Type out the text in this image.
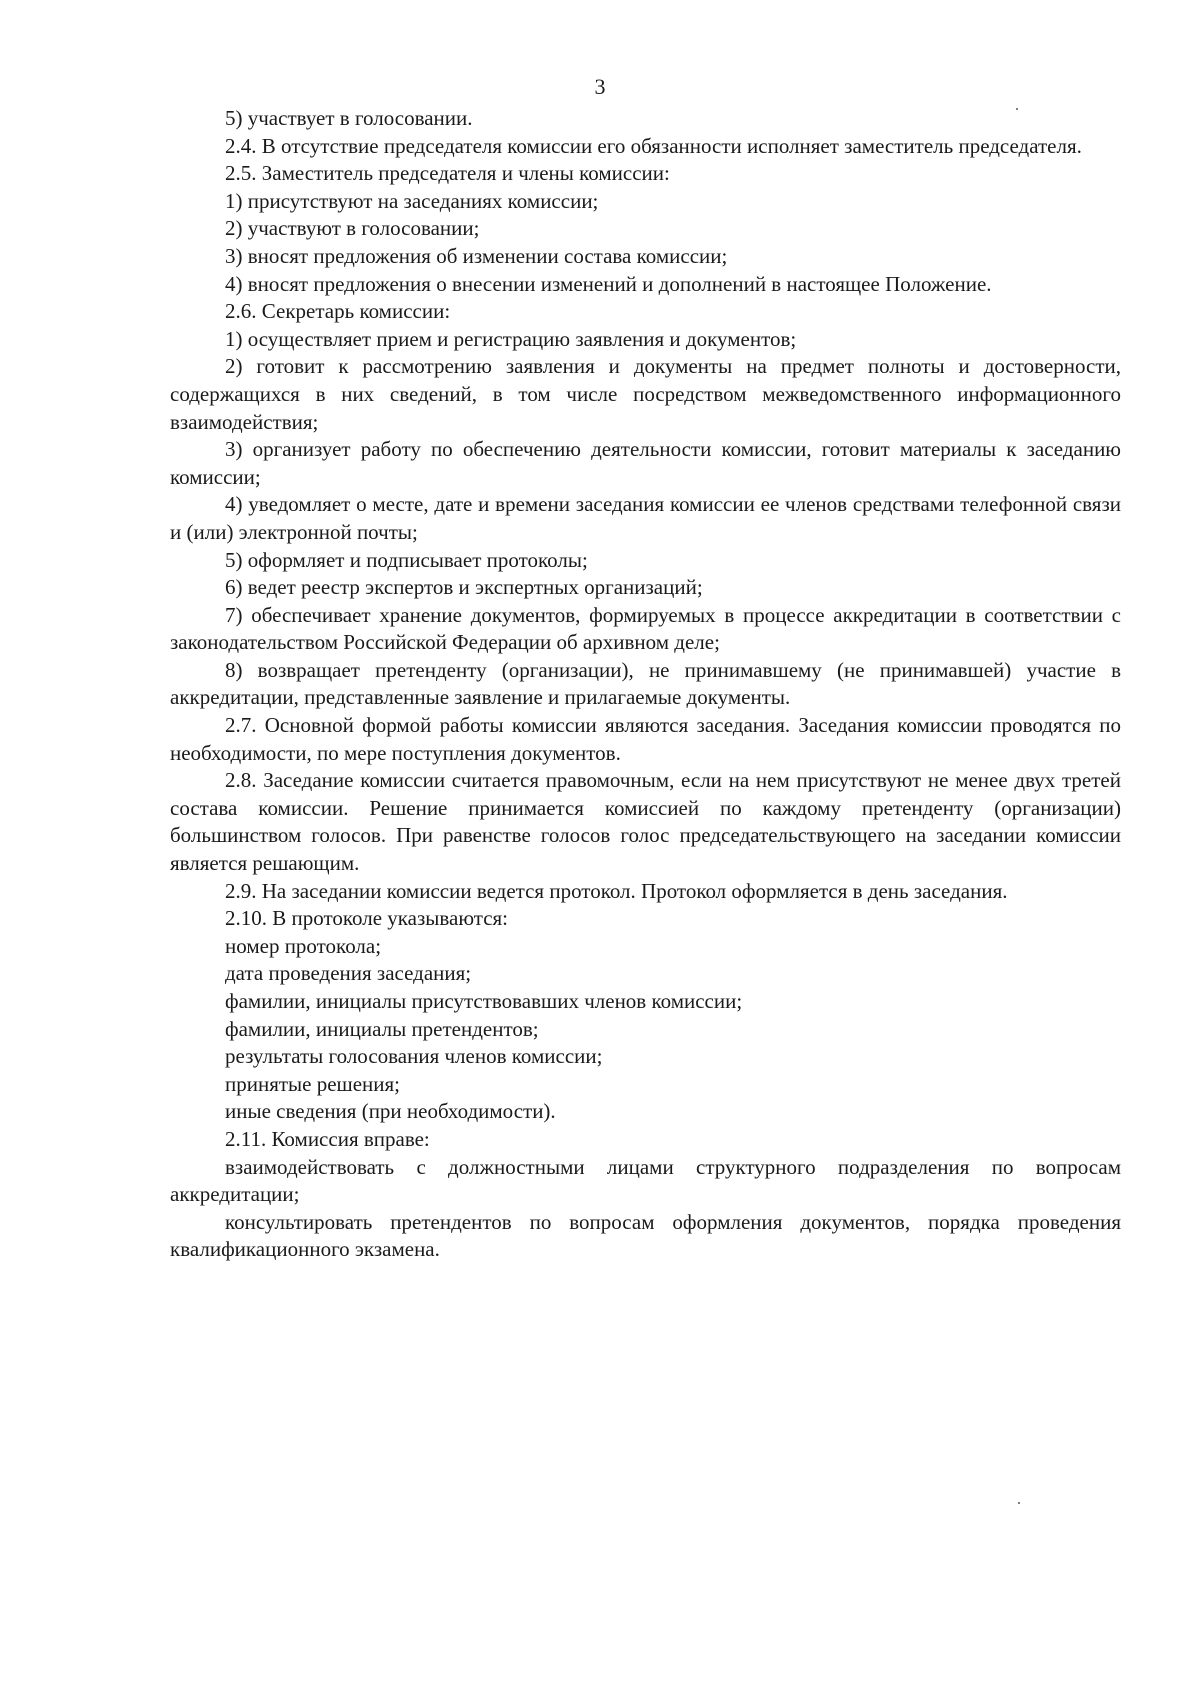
3

5) участвует в голосовании.

2.4. В отсутствие председателя комиссии его обязанности исполняет заместитель председателя.

2.5. Заместитель председателя и члены комиссии:

1) присутствуют на заседаниях комиссии;

2) участвуют в голосовании;

3) вносят предложения об изменении состава комиссии;

4) вносят предложения о внесении изменений и дополнений в настоящее Положение.

2.6. Секретарь комиссии:

1) осуществляет прием и регистрацию заявления и документов;

2) готовит к рассмотрению заявления и документы на предмет полноты и достоверности, содержащихся в них сведений, в том числе посредством межведомственного информационного взаимодействия;

3) организует работу по обеспечению деятельности комиссии, готовит материалы к заседанию комиссии;

4) уведомляет о месте, дате и времени заседания комиссии ее членов средствами телефонной связи и (или) электронной почты;

5) оформляет и подписывает протоколы;

6) ведет реестр экспертов и экспертных организаций;

7) обеспечивает хранение документов, формируемых в процессе аккредитации в соответствии с законодательством Российской Федерации об архивном деле;

8) возвращает претенденту (организации), не принимавшему (не принимавшей) участие в аккредитации, представленные заявление и прилагаемые документы.

2.7. Основной формой работы комиссии являются заседания. Заседания комиссии проводятся по необходимости, по мере поступления документов.

2.8. Заседание комиссии считается правомочным, если на нем присутствуют не менее двух третей состава комиссии. Решение принимается комиссией по каждому претенденту (организации) большинством голосов. При равенстве голосов голос председательствующего на заседании комиссии является решающим.

2.9. На заседании комиссии ведется протокол. Протокол оформляется в день заседания.

2.10. В протоколе указываются:

номер протокола;

дата проведения заседания;

фамилии, инициалы присутствовавших членов комиссии;

фамилии, инициалы претендентов;

результаты голосования членов комиссии;

принятые решения;

иные сведения (при необходимости).

2.11. Комиссия вправе:

взаимодействовать с должностными лицами структурного подразделения по вопросам аккредитации;

консультировать претендентов по вопросам оформления документов, порядка проведения квалификационного экзамена.
